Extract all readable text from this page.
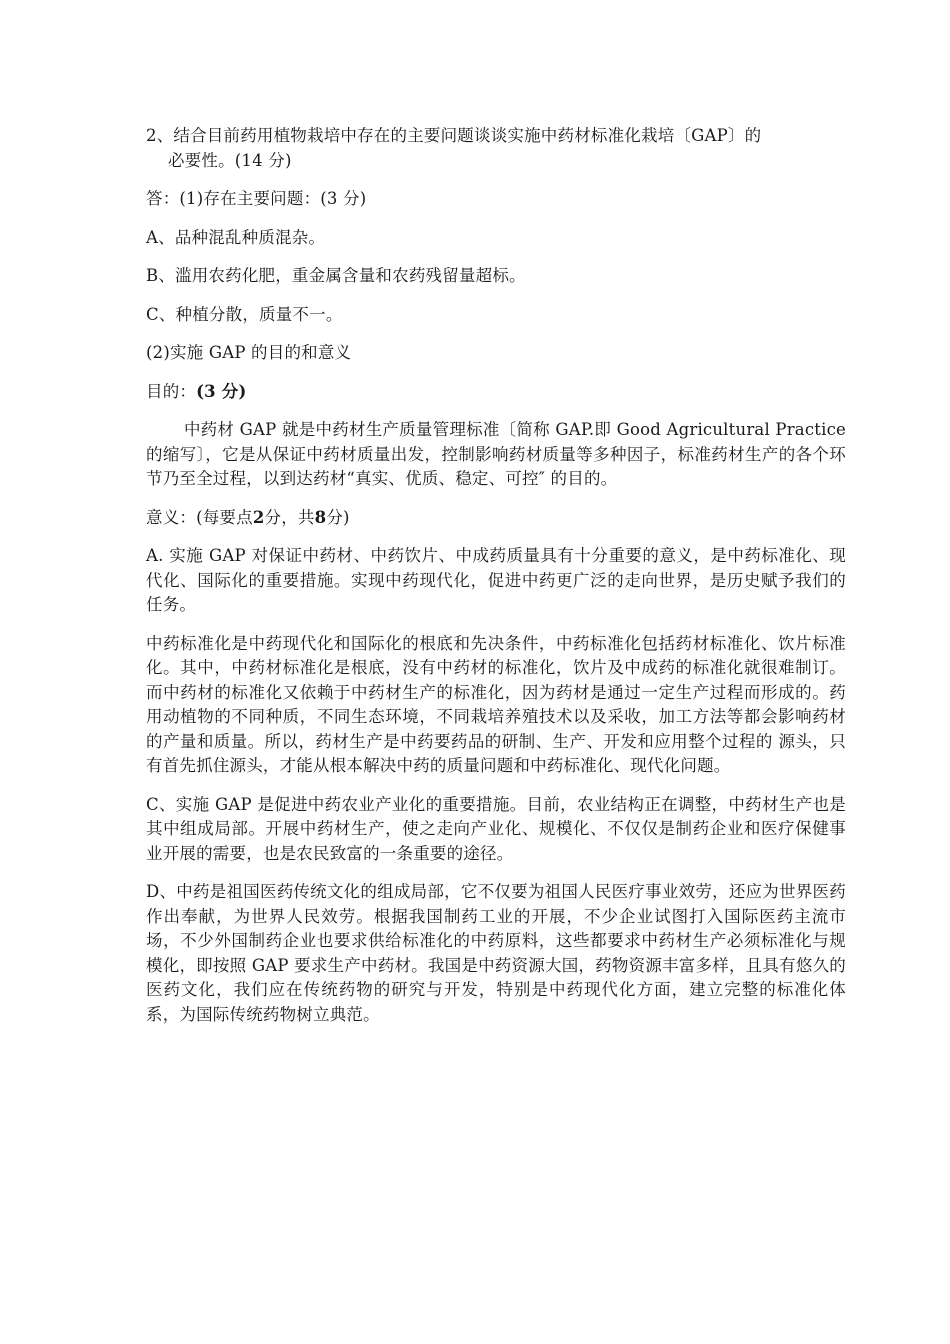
2、结合目前药用植物栽培中存在的主要问题谈谈实施中药材标准化栽培〔GAP〕的
必要性。(14 分)

答：(1)存在主要问题：(3 分)

A、品种混乱种质混杂。

B、滥用农药化肥，重金属含量和农药残留量超标。

C、种植分散，质量不一。

(2)实施 GAP 的目的和意义

目的：(3 分)

中药材 GAP 就是中药材生产质量管理标准〔简称 GAP.即 Good Agricultural Practice 的缩写〕，它是从保证中药材质量出发，控制影响药材质量等多种因子，标准药材生产的各个环节乃至全过程，以到达药材“真实、优质、稳定、可控″ 的目的。

意义：(每要点2分，共8分)

A. 实施 GAP 对保证中药材、中药饮片、中成药质量具有十分重要的意义，是中药标准化、现代化、国际化的重要措施。实现中药现代化，促进中药更广泛的走向世界，是历史赋予我们的任务。

中药标准化是中药现代化和国际化的根底和先决条件，中药标准化包括药材标准化、饮片标准化。其中，中药材标准化是根底，没有中药材的标准化，饮片及中成药的标准化就很难制订。而中药材的标准化又依赖于中药材生产的标准化，因为药材是通过一定生产过程而形成的。药用动植物的不同种质，不同生态环境，不同栽培养殖技术以及采收，加工方法等都会影响药材的产量和质量。所以，药材生产是中药要药品的研制、生产、开发和应用整个过程的 源头，只有首先抓住源头，才能从根本解决中药的质量问题和中药标准化、现代化问题。

C、实施 GAP 是促进中药农业产业化的重要措施。目前，农业结构正在调整，中药材生产也是其中组成局部。开展中药材生产，使之走向产业化、规模化、不仅仅是制药企业和医疗保健事业开展的需要，也是农民致富的一条重要的途径。

D、中药是祖国医药传统文化的组成局部，它不仅要为祖国人民医疗事业效劳，还应为世界医药作出奉献，为世界人民效劳。根据我国制药工业的开展，不少企业试图打入国际医药主流市场，不少外国制药企业也要求供给标准化的中药原料，这些都要求中药材生产必须标准化与规模化，即按照 GAP 要求生产中药材。我国是中药资源大国，药物资源丰富多样，且具有悠久的医药文化，我们应在传统药物的研究与开发，特别是中药现代化方面，建立完整的标准化体系，为国际传统药物树立典范。
